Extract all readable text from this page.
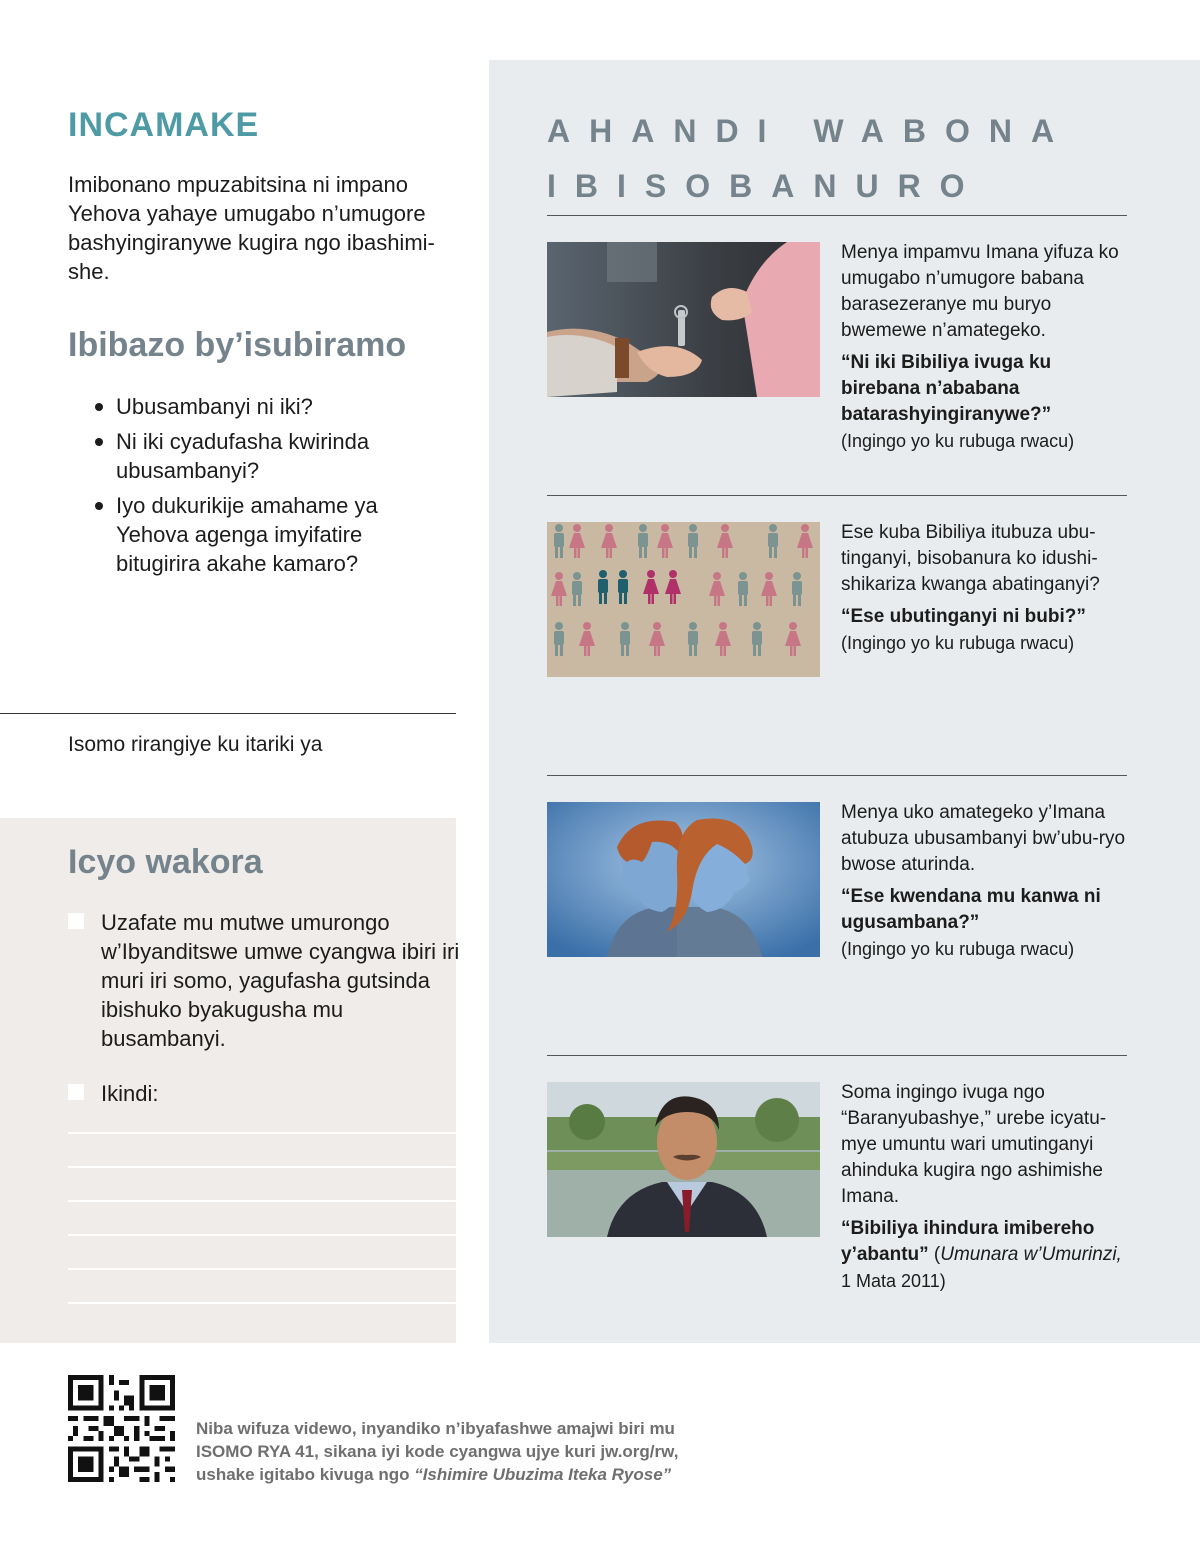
INCAMAKE

Imibonano mpuzabitsina ni impano Yehova yahaye umugabo n’umugore bashyingiranywe kugira ngo ibashimi-she.

Ibibazo by’isubiramo
Ubusambanyi ni iki?
Ni iki cyadufasha kwirinda ubusambanyi?
Iyo dukurikije amahame ya Yehova agenga imyifatire bitugirira akahe kamaro?
Isomo rirangiye ku itariki ya
Icyo wakora
Uzafate mu mutwe umurongo w’Ibyanditswe umwe cyangwa ibiri iri muri iri somo, yagufasha gutsinda ibishuko byakugusha mu busambanyi.
Ikindi:
AHANDI WABONA IBISOBANURO

Menya impamvu Imana yifuza ko umugabo n’umugore babana barasezeranye mu buryo bwemewe n’amategeko.

“Ni iki Bibiliya ivuga ku birebana n’ababana batarashyingiranywe?”

(Ingingo yo ku rubuga rwacu)

Ese kuba Bibiliya itubuza ubu-tinganyi, bisobanura ko idushi-shikariza kwanga abatinganyi?

“Ese ubutinganyi ni bubi?”

(Ingingo yo ku rubuga rwacu)

Menya uko amategeko y’Imana atubuza ubusambanyi bw’ubu-ryo bwose aturinda.

“Ese kwendana mu kanwa ni ugusambana?”

(Ingingo yo ku rubuga rwacu)

Soma ingingo ivuga ngo “Baranyubashye,” urebe icyatu-mye umuntu wari umutinganyi ahinduka kugira ngo ashimishe Imana.

“Bibiliya ihindura imibereho y’abantu” (Umunara w’Umurinzi,

1 Mata 2011)

Niba wifuza videwo, inyandiko n’ibyafashwe amajwi biri mu ISOMO RYA 41, sikana iyi kode cyangwa ujye kuri jw.org/rw, ushake igitabo kivuga ngo “Ishimire Ubuzima Iteka Ryose”
